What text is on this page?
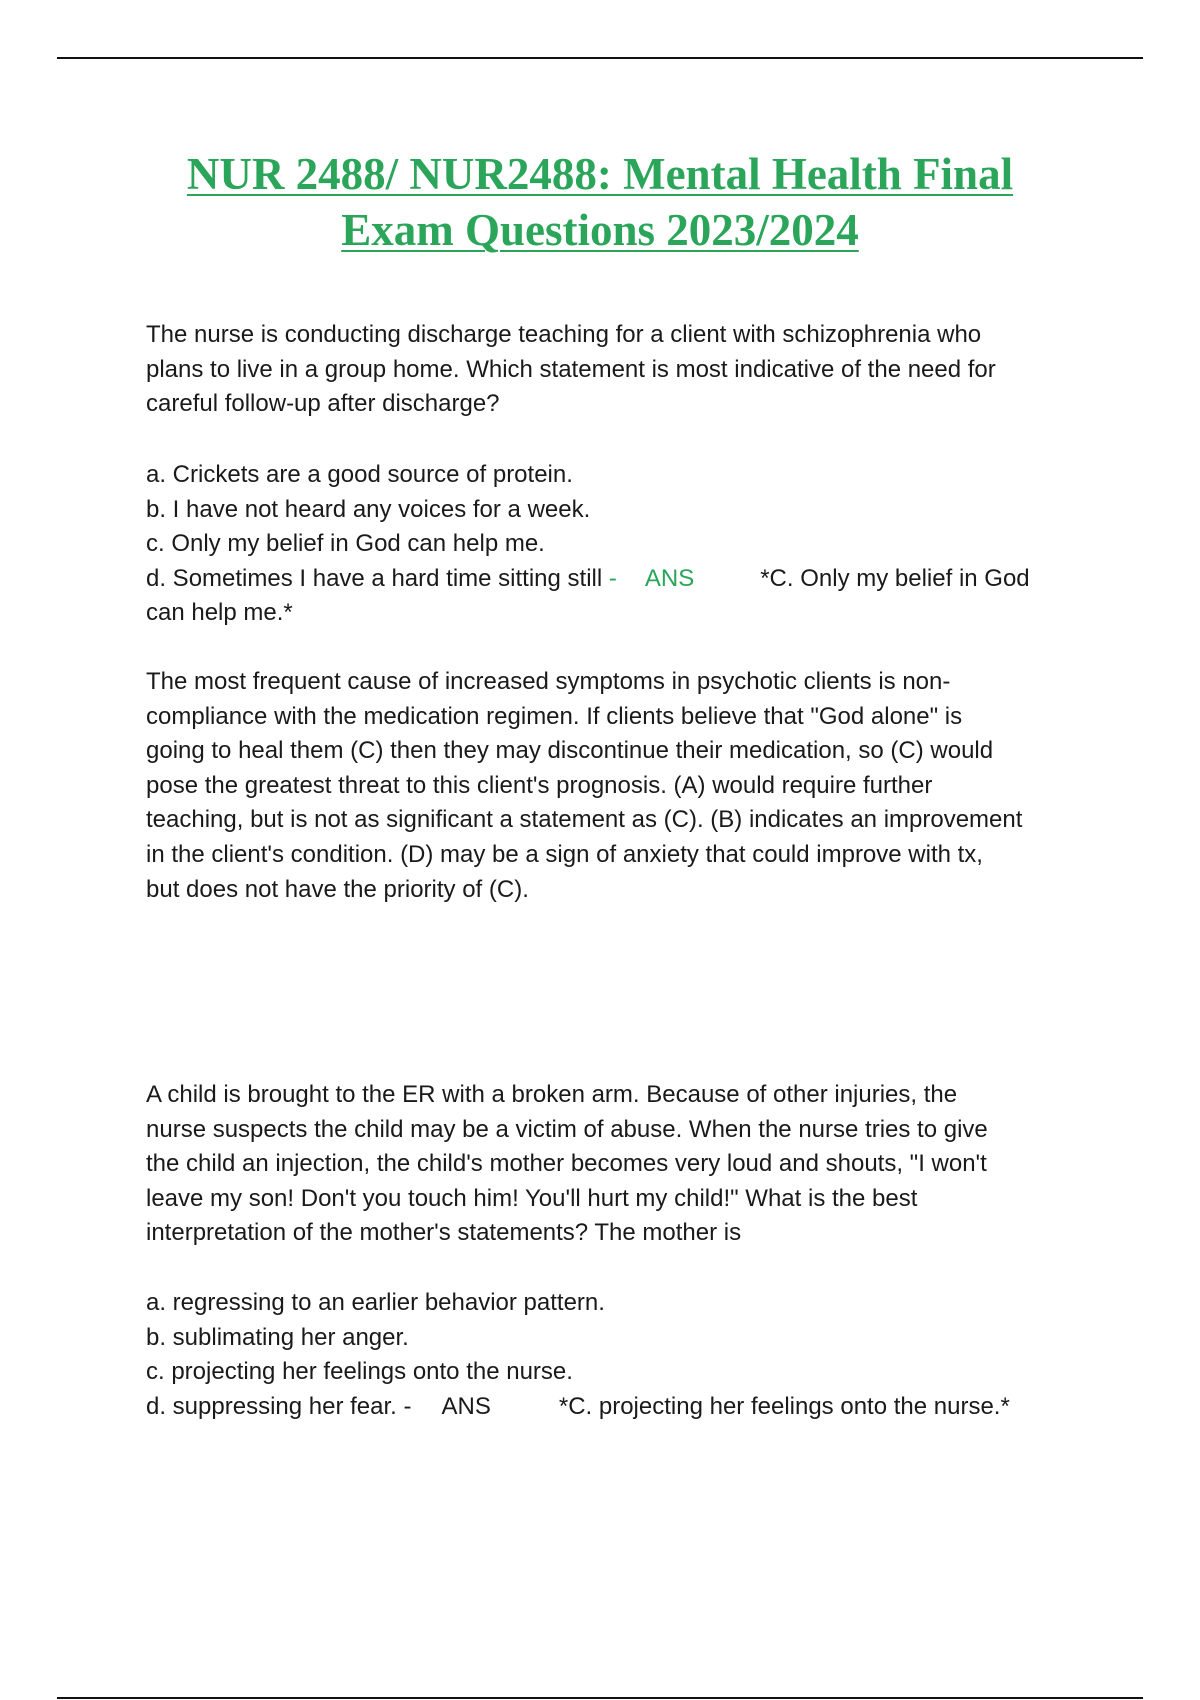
NUR 2488/ NUR2488: Mental Health Final
Exam Questions 2023/2024
The nurse is conducting discharge teaching for a client with schizophrenia who
plans to live in a group home. Which statement is most indicative of the need for
careful follow-up after discharge?
a. Crickets are a good source of protein.
b. I have not heard any voices for a week.
c. Only my belief in God can help me.
d. Sometimes I have a hard time sitting still - ANS	*C. Only my belief in God
can help me.*
The most frequent cause of increased symptoms in psychotic clients is non-
compliance with the medication regimen. If clients believe that "God alone" is
going to heal them (C) then they may discontinue their medication, so (C) would
pose the greatest threat to this client's prognosis. (A) would require further
teaching, but is not as significant a statement as (C). (B) indicates an improvement
in the client's condition. (D) may be a sign of anxiety that could improve with tx,
but does not have the priority of (C).
A child is brought to the ER with a broken arm. Because of other injuries, the
nurse suspects the child may be a victim of abuse. When the nurse tries to give
the child an injection, the child's mother becomes very loud and shouts, "I won't
leave my son! Don't you touch him! You'll hurt my child!" What is the best
interpretation of the mother's statements? The mother is
a. regressing to an earlier behavior pattern.
b. sublimating her anger.
c. projecting her feelings onto the nurse.
d. suppressing her fear. - ANS	*C. projecting her feelings onto the nurse.*
